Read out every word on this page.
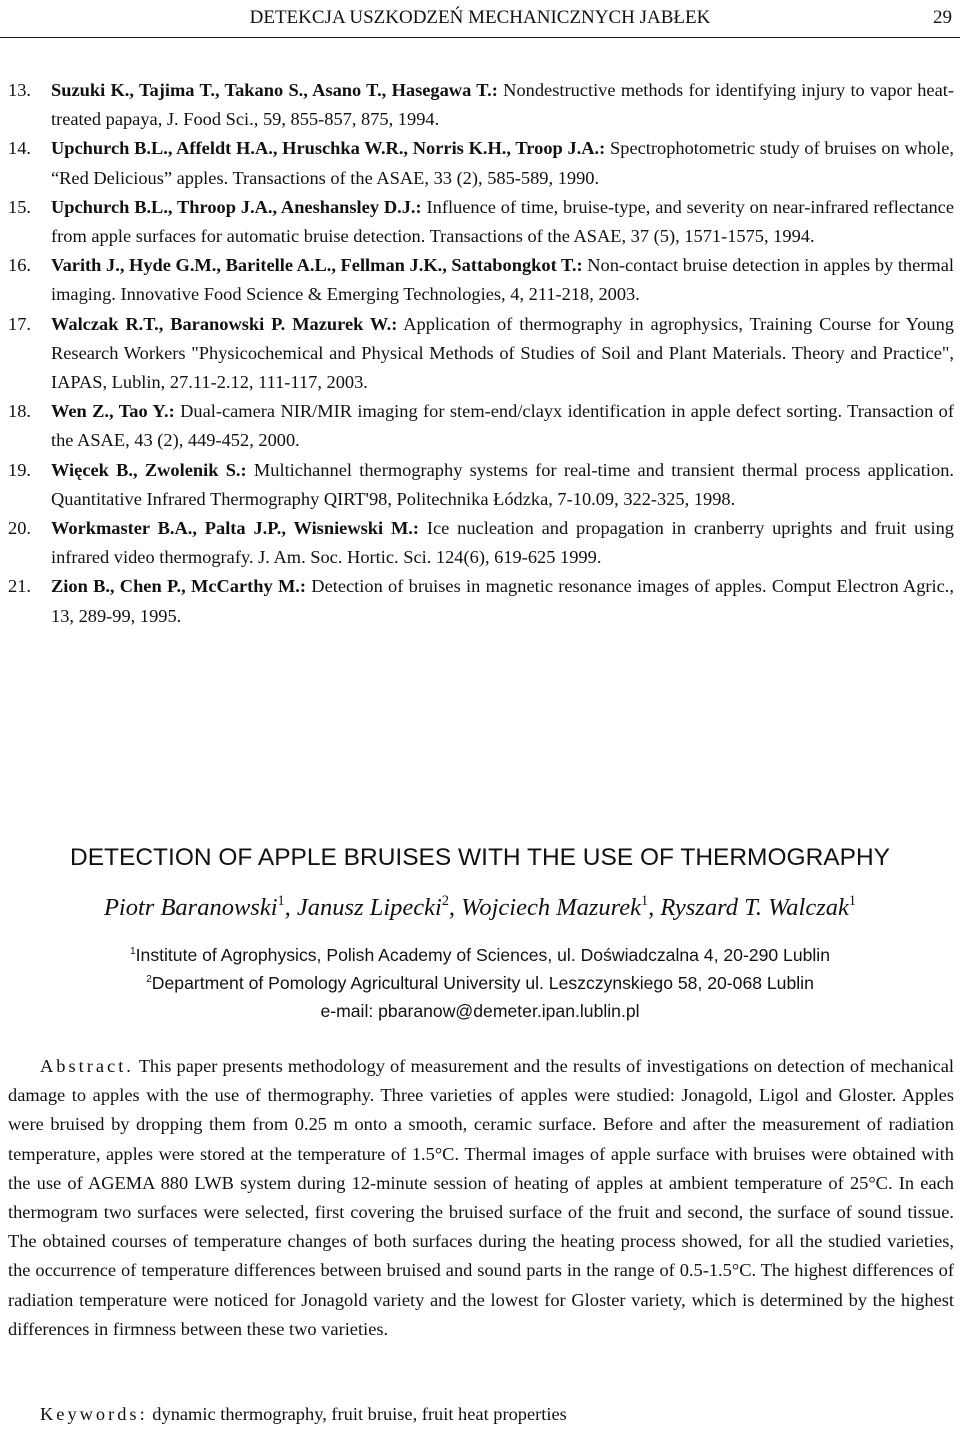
DETEKCJA USZKODZEŃ MECHANICZNYCH JABŁEK	29
13. Suzuki K., Tajima T., Takano S., Asano T., Hasegawa T.: Nondestructive methods for identifying injury to vapor heat-treated papaya, J. Food Sci., 59, 855-857, 875, 1994.
14. Upchurch B.L., Affeldt H.A., Hruschka W.R., Norris K.H., Troop J.A.: Spectrophotometric study of bruises on whole, “Red Delicious” apples. Transactions of the ASAE, 33 (2), 585-589, 1990.
15. Upchurch B.L., Throop J.A., Aneshansley D.J.: Influence of time, bruise-type, and severity on near-infrared reflectance from apple surfaces for automatic bruise detection. Transactions of the ASAE, 37 (5), 1571-1575, 1994.
16. Varith J., Hyde G.M., Baritelle A.L., Fellman J.K., Sattabongkot T.: Non-contact bruise detection in apples by thermal imaging. Innovative Food Science & Emerging Technologies, 4, 211-218, 2003.
17. Walczak R.T., Baranowski P. Mazurek W.: Application of thermography in agrophysics, Training Course for Young Research Workers "Physicochemical and Physical Methods of Studies of Soil and Plant Materials. Theory and Practice", IAPAS, Lublin, 27.11-2.12, 111-117, 2003.
18. Wen Z., Tao Y.: Dual-camera NIR/MIR imaging for stem-end/clayx identification in apple defect sorting. Transaction of the ASAE, 43 (2), 449-452, 2000.
19. Więcek B., Zwolenik S.: Multichannel thermography systems for real-time and transient thermal process application. Quantitative Infrared Thermography QIRT'98, Politechnika Łódzka, 7-10.09, 322-325, 1998.
20. Workmaster B.A., Palta J.P., Wisniewski M.: Ice nucleation and propagation in cranberry uprights and fruit using infrared video thermografy. J. Am. Soc. Hortic. Sci. 124(6), 619-625 1999.
21. Zion B., Chen P., McCarthy M.: Detection of bruises in magnetic resonance images of apples. Comput Electron Agric., 13, 289-99, 1995.
DETECTION OF APPLE BRUISES WITH THE USE OF THERMOGRAPHY
Piotr Baranowski$^1$, Janusz Lipecki$^2$, Wojciech Mazurek$^1$, Ryszard T. Walczak$^1$
$^1$Institute of Agrophysics, Polish Academy of Sciences, ul. Doświadczalna 4, 20-290 Lublin
$^2$Department of Pomology Agricultural University ul. Leszczynskiego 58, 20-068 Lublin
e-mail: pbaranow@demeter.ipan.lublin.pl
Abstract. This paper presents methodology of measurement and the results of investigations on detection of mechanical damage to apples with the use of thermography. Three varieties of apples were studied: Jonagold, Ligol and Gloster. Apples were bruised by dropping them from 0.25 m onto a smooth, ceramic surface. Before and after the measurement of radiation temperature, apples were stored at the temperature of 1.5°C. Thermal images of apple surface with bruises were obtained with the use of AGEMA 880 LWB system during 12-minute session of heating of apples at ambient temperature of 25°C. In each thermogram two surfaces were selected, first covering the bruised surface of the fruit and second, the surface of sound tissue. The obtained courses of temperature changes of both surfaces during the heating process showed, for all the studied varieties, the occurrence of temperature differences between bruised and sound parts in the range of 0.5-1.5°C. The highest differences of radiation temperature were noticed for Jonagold variety and the lowest for Gloster variety, which is determined by the highest differences in firmness between these two varieties.
Keywords: dynamic thermography, fruit bruise, fruit heat properties
